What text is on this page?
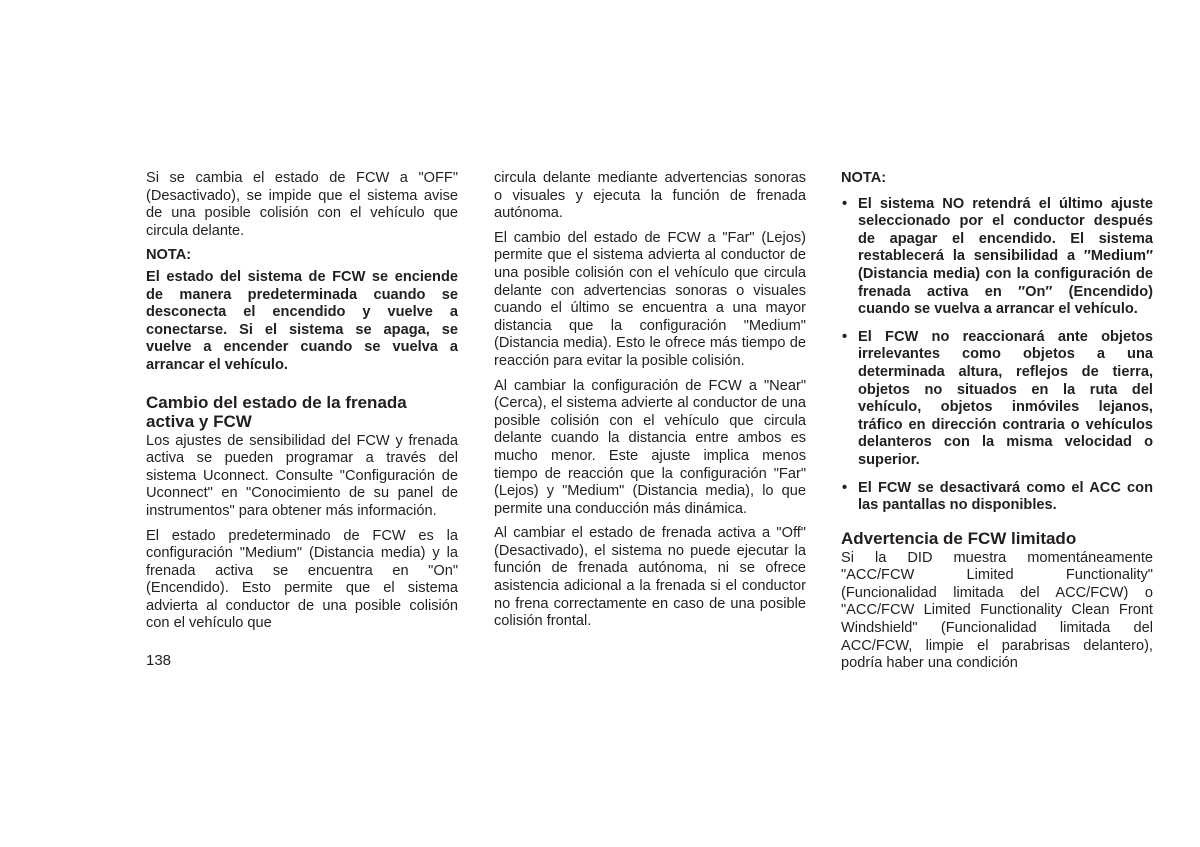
Si se cambia el estado de FCW a "OFF" (Desactivado), se impide que el sistema avise de una posible colisión con el vehículo que circula delante.

NOTA:

El estado del sistema de FCW se enciende de manera predeterminada cuando se desconecta el encendido y vuelve a conectarse. Si el sistema se apaga, se vuelve a encender cuando se vuelva a arrancar el vehículo.

Cambio del estado de la frenada activa y FCW

Los ajustes de sensibilidad del FCW y frenada activa se pueden programar a través del sistema Uconnect. Consulte "Configuración de Uconnect" en "Conocimiento de su panel de instrumentos" para obtener más información.

El estado predeterminado de FCW es la configuración "Medium" (Distancia media) y la frenada activa se encuentra en "On" (Encendido). Esto permite que el sistema advierta al conductor de una posible colisión con el vehículo que

circula delante mediante advertencias sonoras o visuales y ejecuta la función de frenada autónoma.

El cambio del estado de FCW a "Far" (Lejos) permite que el sistema advierta al conductor de una posible colisión con el vehículo que circula delante con advertencias sonoras o visuales cuando el último se encuentra a una mayor distancia que la configuración "Medium" (Distancia media). Esto le ofrece más tiempo de reacción para evitar la posible colisión.

Al cambiar la configuración de FCW a "Near" (Cerca), el sistema advierte al conductor de una posible colisión con el vehículo que circula delante cuando la distancia entre ambos es mucho menor. Este ajuste implica menos tiempo de reacción que la configuración "Far" (Lejos) y "Medium" (Distancia media), lo que permite una conducción más dinámica.

Al cambiar el estado de frenada activa a "Off" (Desactivado), el sistema no puede ejecutar la función de frenada autónoma, ni se ofrece asistencia adicional a la frenada si el conductor no frena correctamente en caso de una posible colisión frontal.

NOTA:
• El sistema NO retendrá el último ajuste seleccionado por el conductor después de apagar el encendido. El sistema restablecerá la sensibilidad a ″Medium″ (Distancia media) con la configuración de frenada activa en ″On″ (Encendido) cuando se vuelva a arrancar el vehículo.
• El FCW no reaccionará ante objetos irrelevantes como objetos a una determinada altura, reflejos de tierra, objetos no situados en la ruta del vehículo, objetos inmóviles lejanos, tráfico en dirección contraria o vehículos delanteros con la misma velocidad o superior.
• El FCW se desactivará como el ACC con las pantallas no disponibles.
Advertencia de FCW limitado

Si la DID muestra momentáneamente "ACC/FCW Limited Functionality" (Funcionalidad limitada del ACC/FCW) o "ACC/FCW Limited Functionality Clean Front Windshield" (Funcionalidad limitada del ACC/FCW, limpie el parabrisas delantero), podría haber una condición

138
